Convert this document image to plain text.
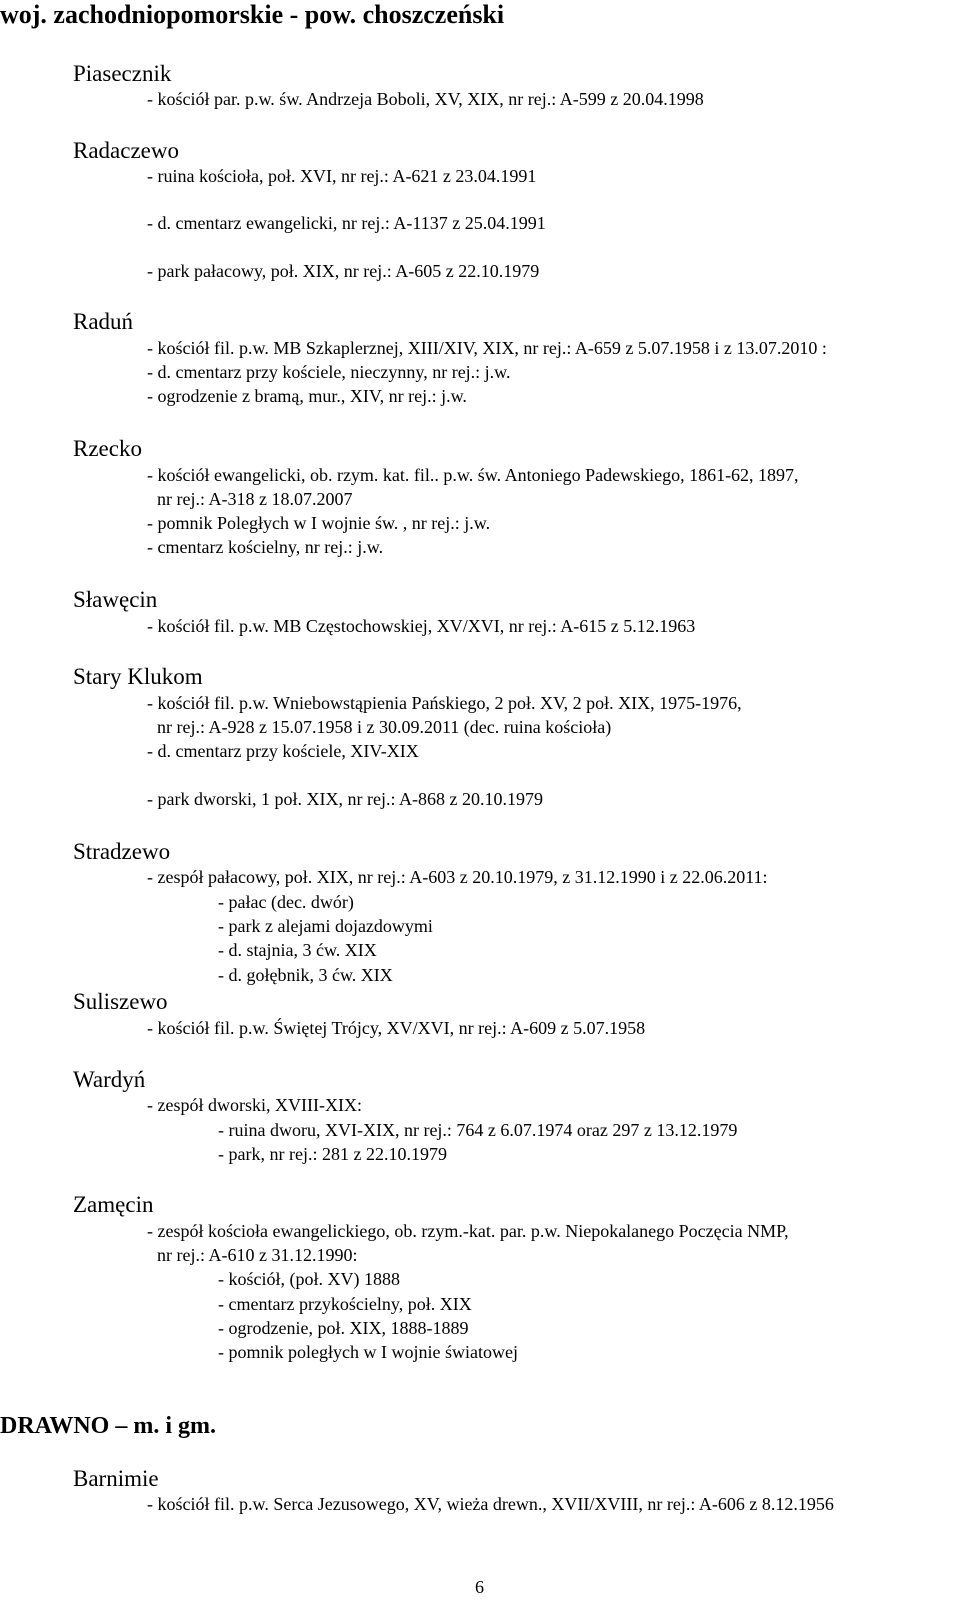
woj. zachodniopomorskie - pow. choszczeński
Piasecznik
- kościół par. p.w. św. Andrzeja Boboli, XV, XIX, nr rej.: A-599 z 20.04.1998
Radaczewo
- ruina kościoła, poł. XVI, nr rej.: A-621 z 23.04.1991
- d. cmentarz ewangelicki, nr rej.: A-1137 z 25.04.1991
- park pałacowy, poł. XIX, nr rej.: A-605 z 22.10.1979
Raduń
- kościół fil. p.w. MB Szkaplerznej, XIII/XIV, XIX, nr rej.: A-659 z 5.07.1958 i z 13.07.2010 :
- d. cmentarz przy kościele, nieczynny, nr rej.: j.w.
- ogrodzenie z bramą, mur., XIV, nr rej.: j.w.
Rzecko
- kościół ewangelicki, ob. rzym. kat. fil.. p.w. św. Antoniego Padewskiego, 1861-62, 1897,
nr rej.: A-318 z 18.07.2007
- pomnik Poległych w I wojnie św. , nr rej.: j.w.
- cmentarz kościelny, nr rej.: j.w.
Sławęcin
- kościół fil. p.w. MB Częstochowskiej, XV/XVI, nr rej.: A-615 z 5.12.1963
Stary Klukom
- kościół fil. p.w. Wniebowstąpienia Pańskiego, 2 poł. XV, 2 poł. XIX, 1975-1976,
nr rej.: A-928 z 15.07.1958 i z 30.09.2011 (dec. ruina kościoła)
- d. cmentarz przy kościele, XIV-XIX
- park dworski, 1 poł. XIX, nr rej.: A-868 z 20.10.1979
Stradzewo
- zespół pałacowy, poł. XIX, nr rej.: A-603 z 20.10.1979, z 31.12.1990 i z 22.06.2011:
- pałac (dec. dwór)
- park z alejami dojazdowymi
- d. stajnia, 3 ćw. XIX
- d. gołębnik, 3 ćw. XIX
Suliszewo
- kościół fil. p.w. Świętej Trójcy, XV/XVI, nr rej.: A-609 z 5.07.1958
Wardyń
- zespół dworski, XVIII-XIX:
- ruina dworu, XVI-XIX, nr rej.: 764 z 6.07.1974 oraz 297 z 13.12.1979
- park, nr rej.: 281 z 22.10.1979
Zamęcin
- zespół kościoła ewangelickiego, ob. rzym.-kat. par. p.w. Niepokalanego Poczęcia NMP,
nr rej.: A-610 z 31.12.1990:
- kościół, (poł. XV) 1888
- cmentarz przykościelny, poł. XIX
- ogrodzenie, poł. XIX, 1888-1889
- pomnik poległych w I wojnie światowej
DRAWNO – m. i gm.
Barnimie
- kościół fil. p.w. Serca Jezusowego, XV, wieża drewn., XVII/XVIII, nr rej.: A-606 z 8.12.1956
6
